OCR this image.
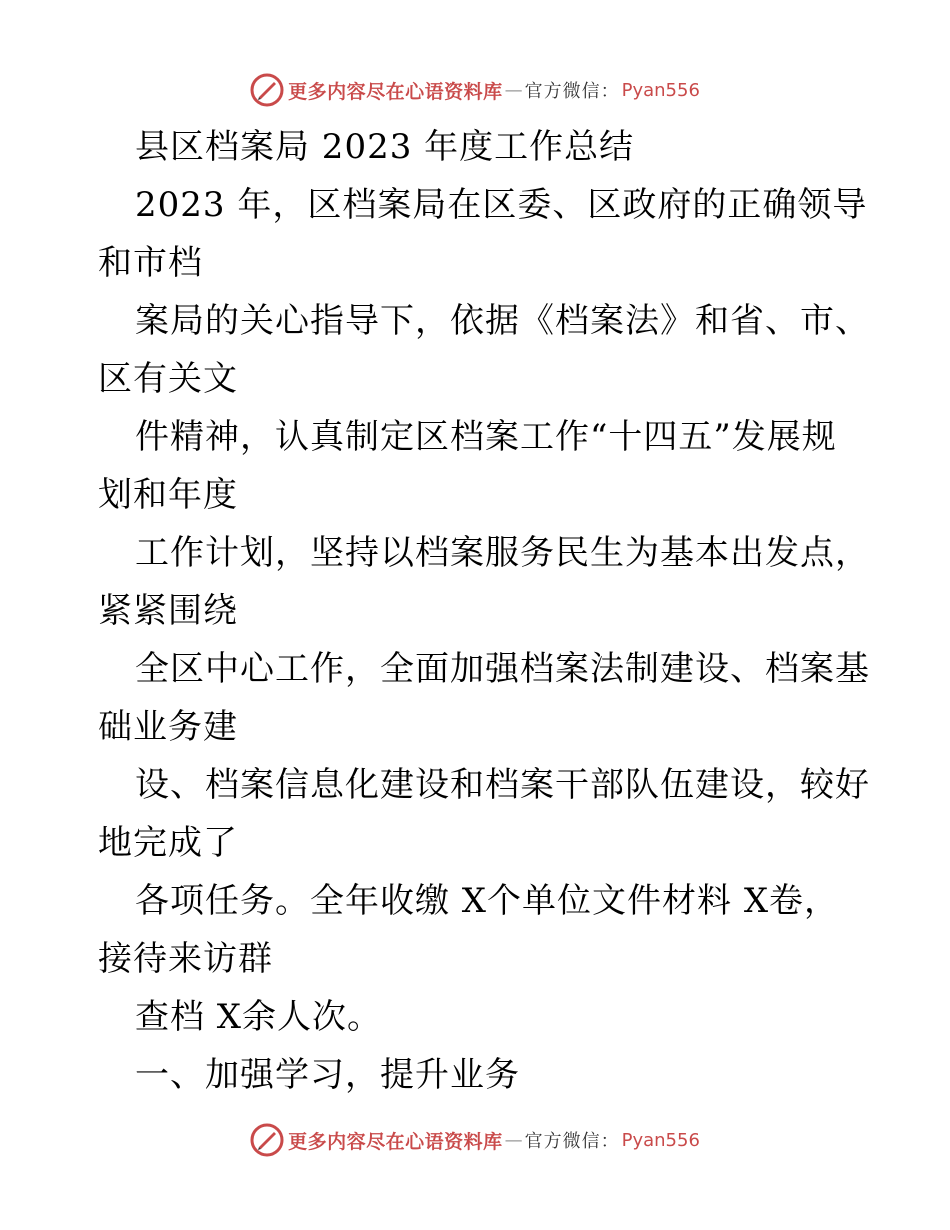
更多内容尽在心语资料库 — 官方微信： Pyan556
县区档案局 2023 年度工作总结
2023 年，区档案局在区委、区政府的正确领导
和市档
案局的关心指导下，依据《档案法》和省、市、
区有关文
件精神，认真制定区档案工作“十四五”发展规
划和年度
工作计划，坚持以档案服务民生为基本出发点，
紧紧围绕
全区中心工作，全面加强档案法制建设、档案基
础业务建
设、档案信息化建设和档案干部队伍建设，较好
地完成了
各项任务。全年收缴 X个单位文件材料 X卷，
接待来访群
查档 X余人次。
一、加强学习，提升业务
更多内容尽在心语资料库 — 官方微信： Pyan556
